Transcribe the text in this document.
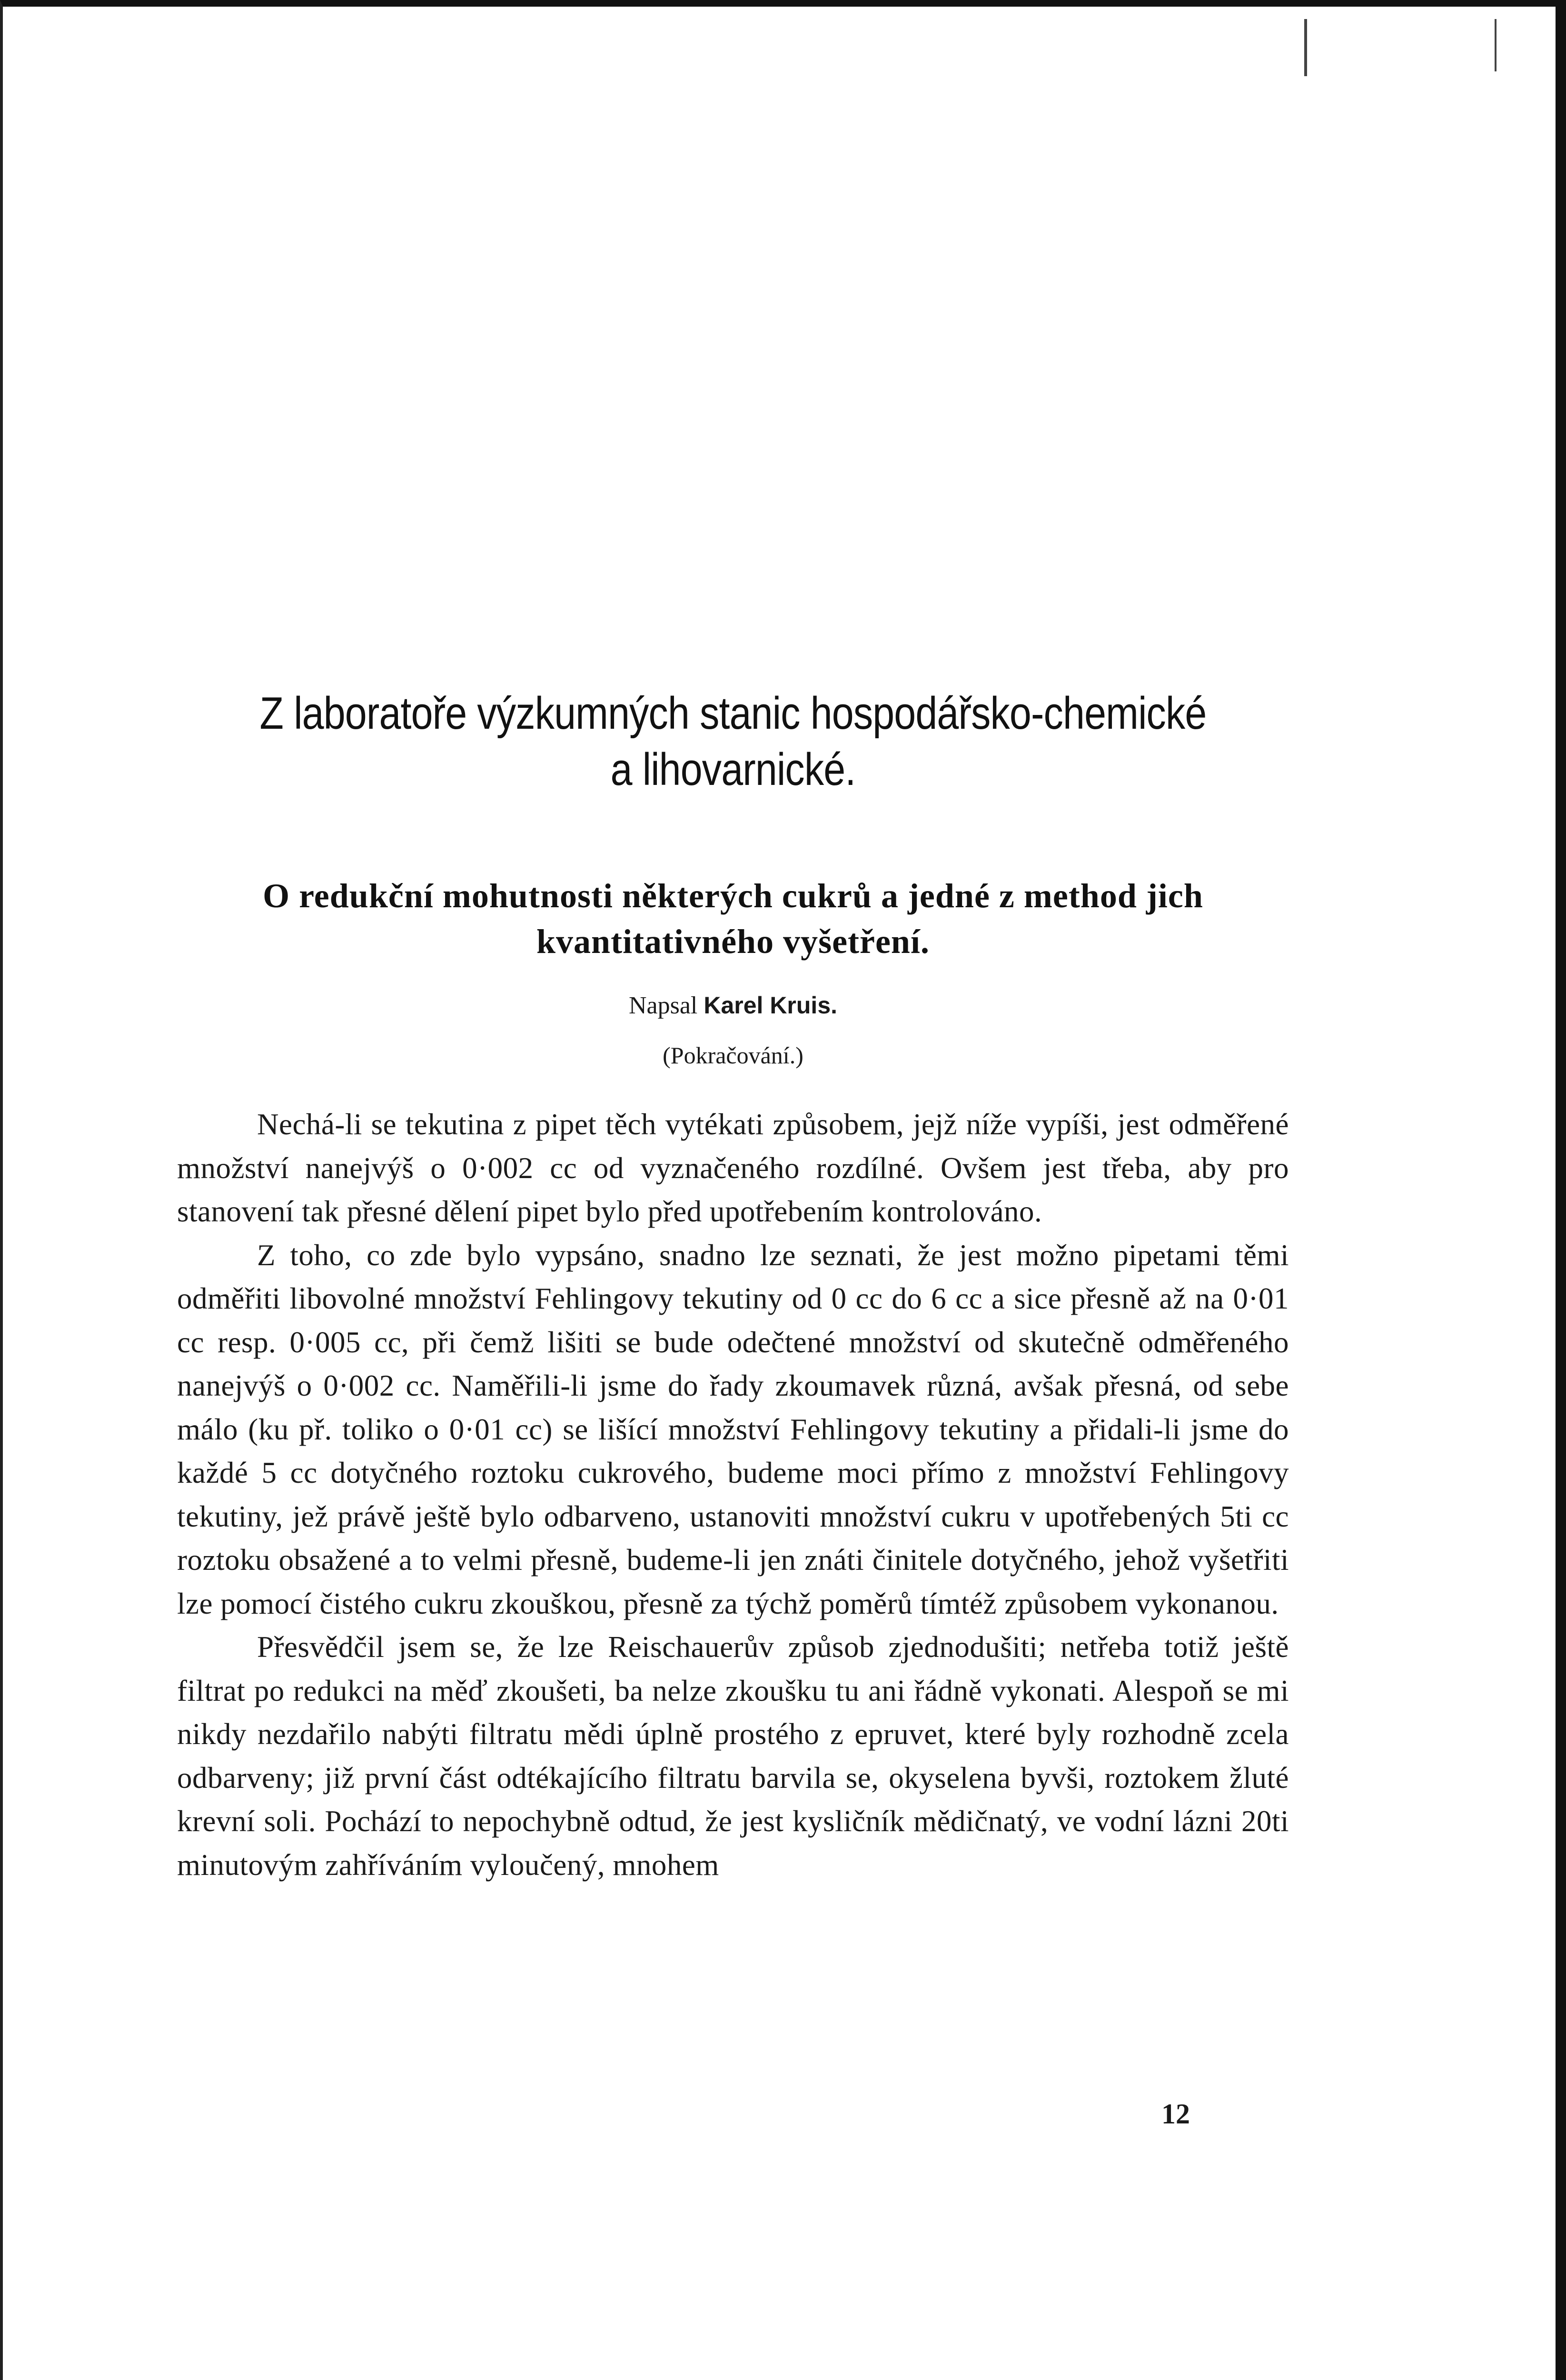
Z laboratoře výzkumných stanic hospodářsko-chemické
a lihovarnické.
O redukční mohutnosti některých cukrů a jedné z method jich
kvantitativného vyšetření.

Napsal Karel Kruis.

(Pokračování.)

Nechá-li se tekutina z pipet těch vytékati způsobem, jejž níže vypíši, jest odměřené množství nanejvýš o 0·002 cc od vyznačeného rozdílné. Ovšem jest třeba, aby pro stanovení tak přesné dělení pipet bylo před upotřebením kontrolováno.

Z toho, co zde bylo vypsáno, snadno lze seznati, že jest možno pipetami těmi odměřiti libovolné množství Fehlingovy tekutiny od 0 cc do 6 cc a sice přesně až na 0·01 cc resp. 0·005 cc, při čemž lišiti se bude odečtené množství od skutečně odměřeného nanejvýš o 0·002 cc. Naměřili-li jsme do řady zkoumavek různá, avšak přesná, od sebe málo (ku př. toliko o 0·01 cc) se lišící množství Fehlingovy tekutiny a přidali-li jsme do každé 5 cc dotyčného roztoku cukrového, budeme moci přímo z množství Fehlingovy tekutiny, jež právě ještě bylo odbarveno, ustanoviti množství cukru v upotřebených 5ti cc roztoku obsažené a to velmi přesně, budeme-li jen znáti činitele dotyčného, jehož vyšetřiti lze pomocí čistého cukru zkouškou, přesně za týchž poměrů tímtéž způsobem vykonanou.

Přesvědčil jsem se, že lze Reischauerův způsob zjednodušiti; netřeba totiž ještě filtrat po redukci na měď zkoušeti, ba nelze zkoušku tu ani řádně vykonati. Alespoň se mi nikdy nezdařilo nabýti filtratu mědi úplně prostého z epruvet, které byly rozhodně zcela odbarveny; již první část odtékajícího filtratu barvila se, okyselena byvši, roztokem žluté krevní soli. Pochází to nepochybně odtud, že jest kysličník mědičnatý, ve vodní lázni 20ti minutovým zahříváním vyloučený, mnohem

12
